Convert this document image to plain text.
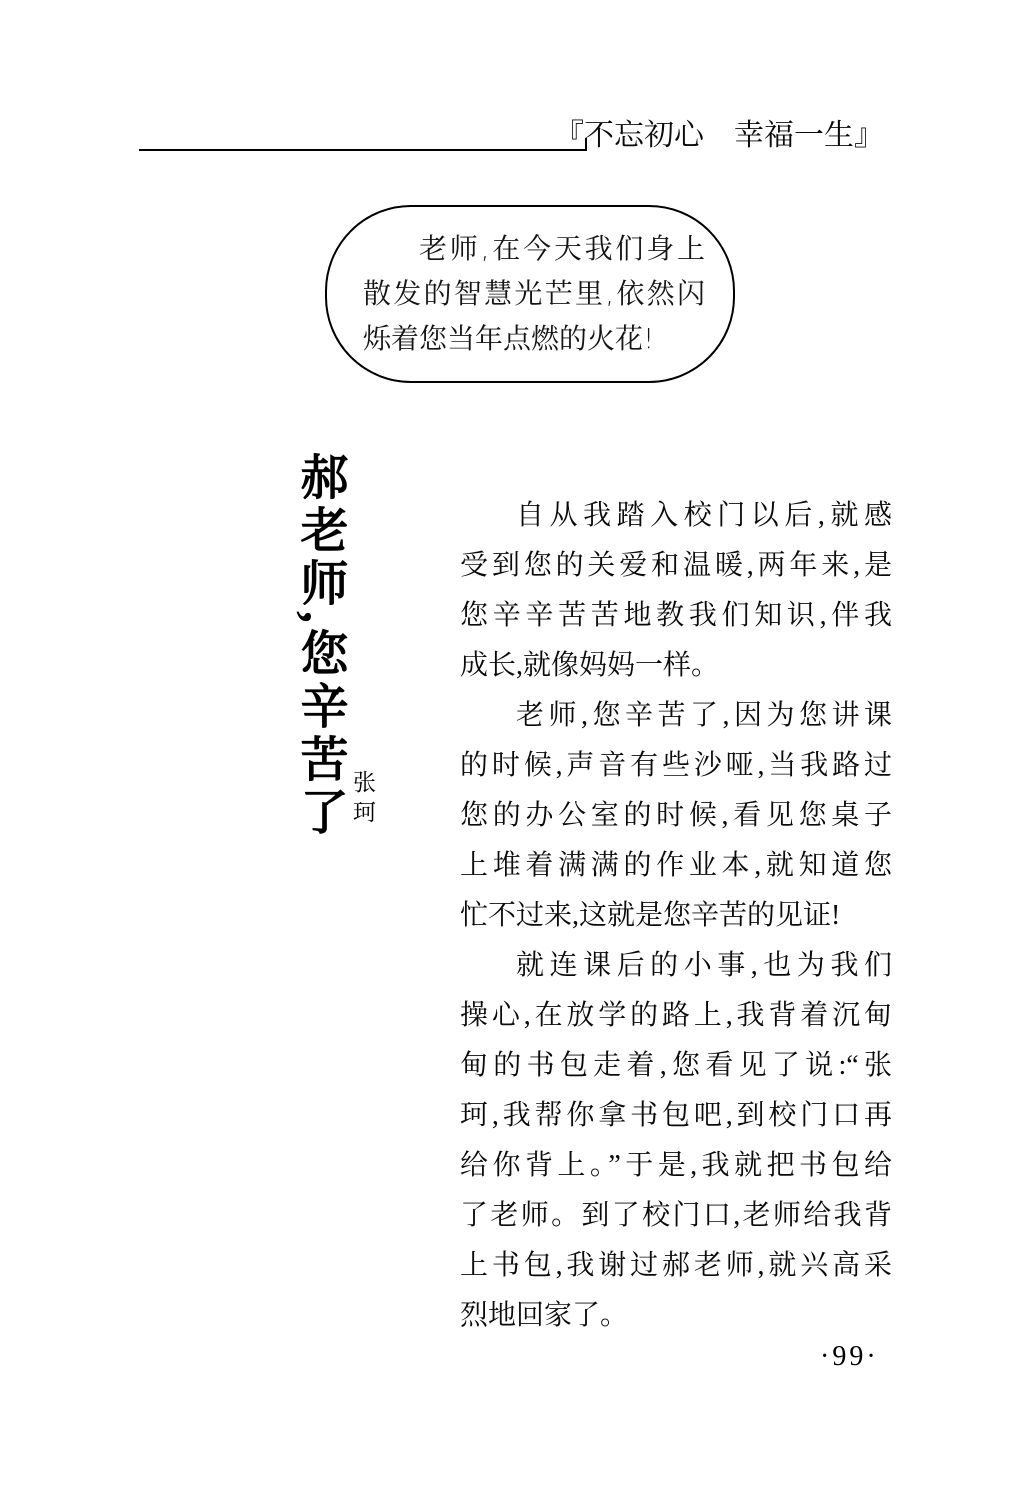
『不忘初心　幸福一生』
老师,在今天我们身上
散发的智慧光芒里,依然闪
烁着您当年点燃的火花!
郝老师,您辛苦了 张珂
自从我踏入校门以后,就感
受到您的关爱和温暖,两年来,是
您辛辛苦苦地教我们知识,伴我
成长,就像妈妈一样。
老师,您辛苦了,因为您讲课
的时候,声音有些沙哑,当我路过
您的办公室的时候,看见您桌子
上堆着满满的作业本,就知道您
忙不过来,这就是您辛苦的见证!
就连课后的小事,也为我们
操心,在放学的路上,我背着沉甸
甸的书包走着,您看见了说:“张
珂,我帮你拿书包吧,到校门口再
给你背上。”于是,我就把书包给
了老师。到了校门口,老师给我背
上书包,我谢过郝老师,就兴高采
烈地回家了。
·99·
